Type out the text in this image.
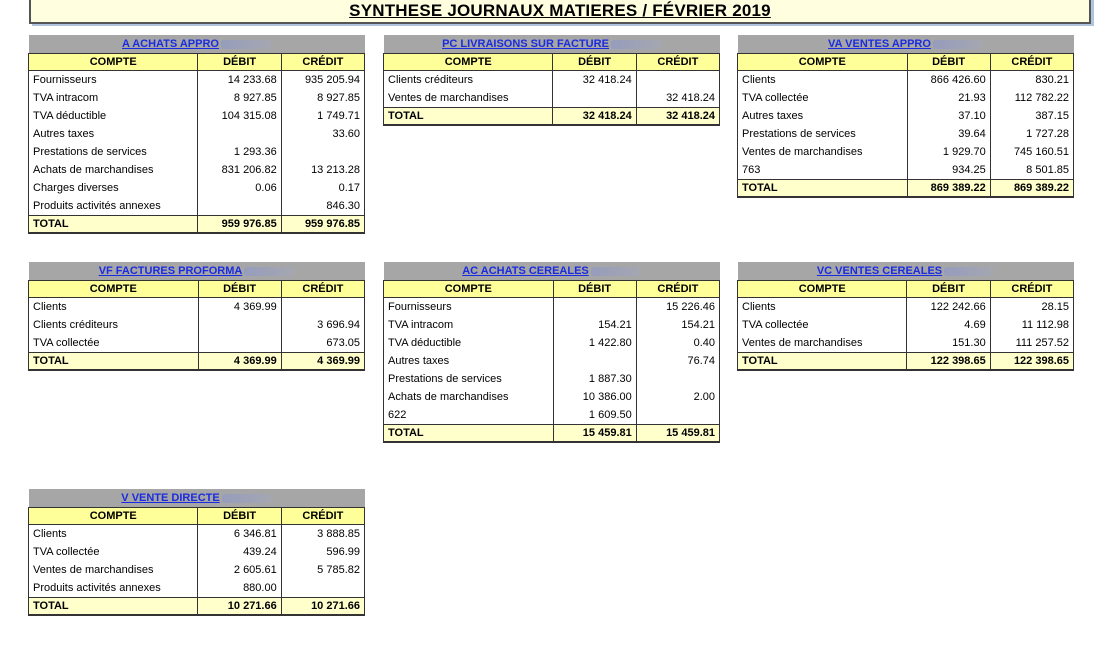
SYNTHESE JOURNAUX MATIERES / FÉVRIER 2019
A ACHATS APPRO		
COMPTE	DÉBIT	CRÉDIT
Fournisseurs	14 233.68	935 205.94
TVA intracom	8 927.85	8 927.85
TVA déductible	104 315.08	1 749.71
Autres taxes		33.60
Prestations de services	1 293.36	
Achats de marchandises	831 206.82	13 213.28
Charges diverses	0.06	0.17
Produits activités annexes		846.30
TOTAL	959 976.85	959 976.85
PC LIVRAISONS SUR FACTURE		
COMPTE	DÉBIT	CRÉDIT
Clients créditeurs	32 418.24	
Ventes de marchandises		32 418.24
TOTAL	32 418.24	32 418.24
VA VENTES APPRO		
COMPTE	DÉBIT	CRÉDIT
Clients	866 426.60	830.21
TVA collectée	21.93	112 782.22
Autres taxes	37.10	387.15
Prestations de services	39.64	1 727.28
Ventes de marchandises	1 929.70	745 160.51
763	934.25	8 501.85
TOTAL	869 389.22	869 389.22
VF FACTURES PROFORMA		
COMPTE	DÉBIT	CRÉDIT
Clients	4 369.99	
Clients créditeurs		3 696.94
TVA collectée		673.05
TOTAL	4 369.99	4 369.99
AC ACHATS CEREALES		
COMPTE	DÉBIT	CRÉDIT
Fournisseurs		15 226.46
TVA intracom	154.21	154.21
TVA déductible	1 422.80	0.40
Autres taxes		76.74
Prestations de services	1 887.30	
Achats de marchandises	10 386.00	2.00
622	1 609.50	
TOTAL	15 459.81	15 459.81
VC VENTES CEREALES		
COMPTE	DÉBIT	CRÉDIT
Clients	122 242.66	28.15
TVA collectée	4.69	11 112.98
Ventes de marchandises	151.30	111 257.52
TOTAL	122 398.65	122 398.65
V VENTE DIRECTE		
COMPTE	DÉBIT	CRÉDIT
Clients	6 346.81	3 888.85
TVA collectée	439.24	596.99
Ventes de marchandises	2 605.61	5 785.82
Produits activités annexes	880.00	
TOTAL	10 271.66	10 271.66
